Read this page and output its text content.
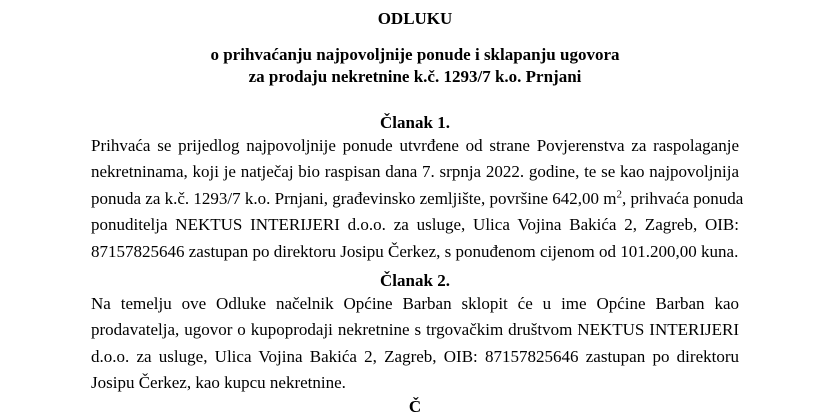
ODLUKU

o prihvaćanju najpovoljnije ponude i sklapanju ugovora

za prodaju nekretnine k.č. 1293/7 k.o. Prnjani

Članak 1.

Prihvaća se prijedlog najpovoljnije ponude utvrđene od strane Povjerenstva za raspolaganje
nekretninama, koji je natječaj bio raspisan dana 7. srpnja 2022. godine, te se kao najpovoljnija
ponuda za k.č. 1293/7 k.o. Prnjani, građevinsko zemljište, površine 642,00 $m^2$, prihvaća ponuda
ponuditelja NEKTUS INTERIJERI d.o.o. za usluge, Ulica Vojina Bakića 2, Zagreb, OIB:
87157825646 zastupan po direktoru Josipu Čerkez, s ponuđenom cijenom od 101.200,00 kuna.

Članak 2.

Na temelju ove Odluke načelnik Općine Barban sklopit će u ime Općine Barban kao
prodavatelja, ugovor o kupoprodaji nekretnine s trgovačkim društvom NEKTUS INTERIJERI
d.o.o. za usluge, Ulica Vojina Bakića 2, Zagreb, OIB: 87157825646 zastupan po direktoru
Josipu Čerkez, kao kupcu nekretnine.

Č
